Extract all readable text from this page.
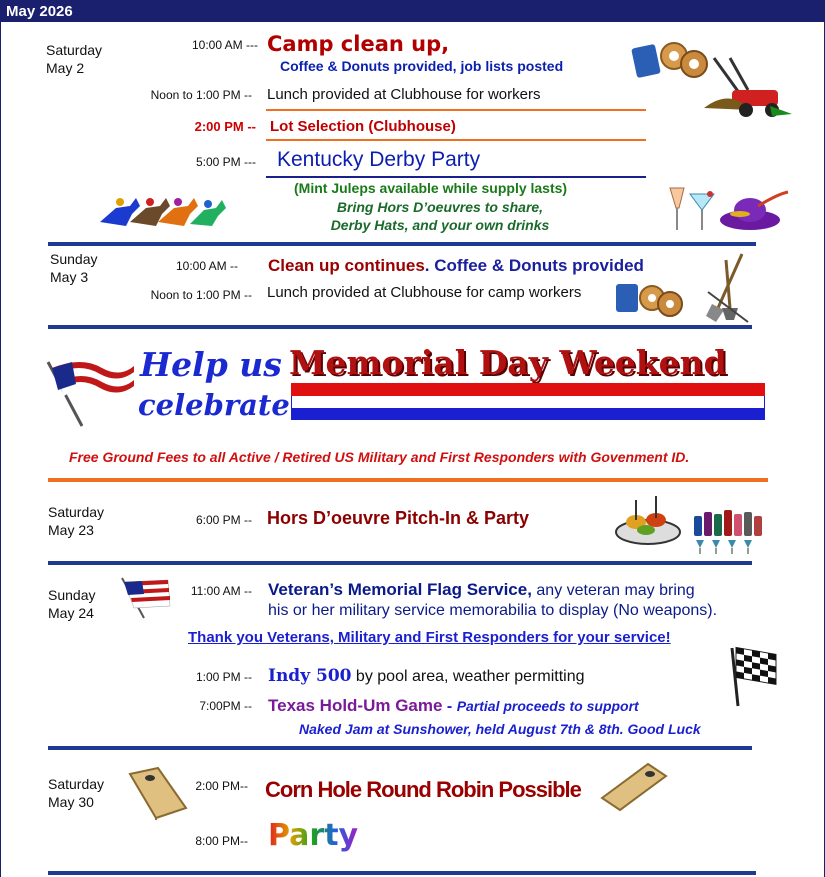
May 2026
Saturday
May 2
10:00 AM --- Camp clean up,
Coffee & Donuts provided, job lists posted
Noon to 1:00 PM -- Lunch provided at Clubhouse for workers
2:00 PM -- Lot Selection (Clubhouse)
5:00 PM --- Kentucky Derby Party
(Mint Juleps available while supply lasts)
Bring Hors D’oeuvres to share,
Derby Hats, and your own drinks
Sunday
May 3
10:00 AM -- Clean up continues. Coffee & Donuts provided
Noon to 1:00 PM -- Lunch provided at Clubhouse for camp workers
Help us
celebrate
Memorial Day Weekend
Free Ground Fees to all Active / Retired US Military and First Responders with Govenment ID.
Saturday
May 23
6:00 PM -- Hors D’oeuvre Pitch-In & Party
Sunday
May 24
11:00 AM -- Veteran’s Memorial Flag Service, any veteran may bring
his or her military service memorabilia to display (No weapons).
Thank you Veterans, Military and First Responders for your service!
1:00 PM -- Indy 500 by pool area, weather permitting
7:00PM -- Texas Hold-Um Game - Partial proceeds to support
Naked Jam at Sunshower, held August 7th & 8th. Good Luck
Saturday
May 30
2:00 PM-- Corn Hole Round Robin Possible
8:00 PM-- Party
